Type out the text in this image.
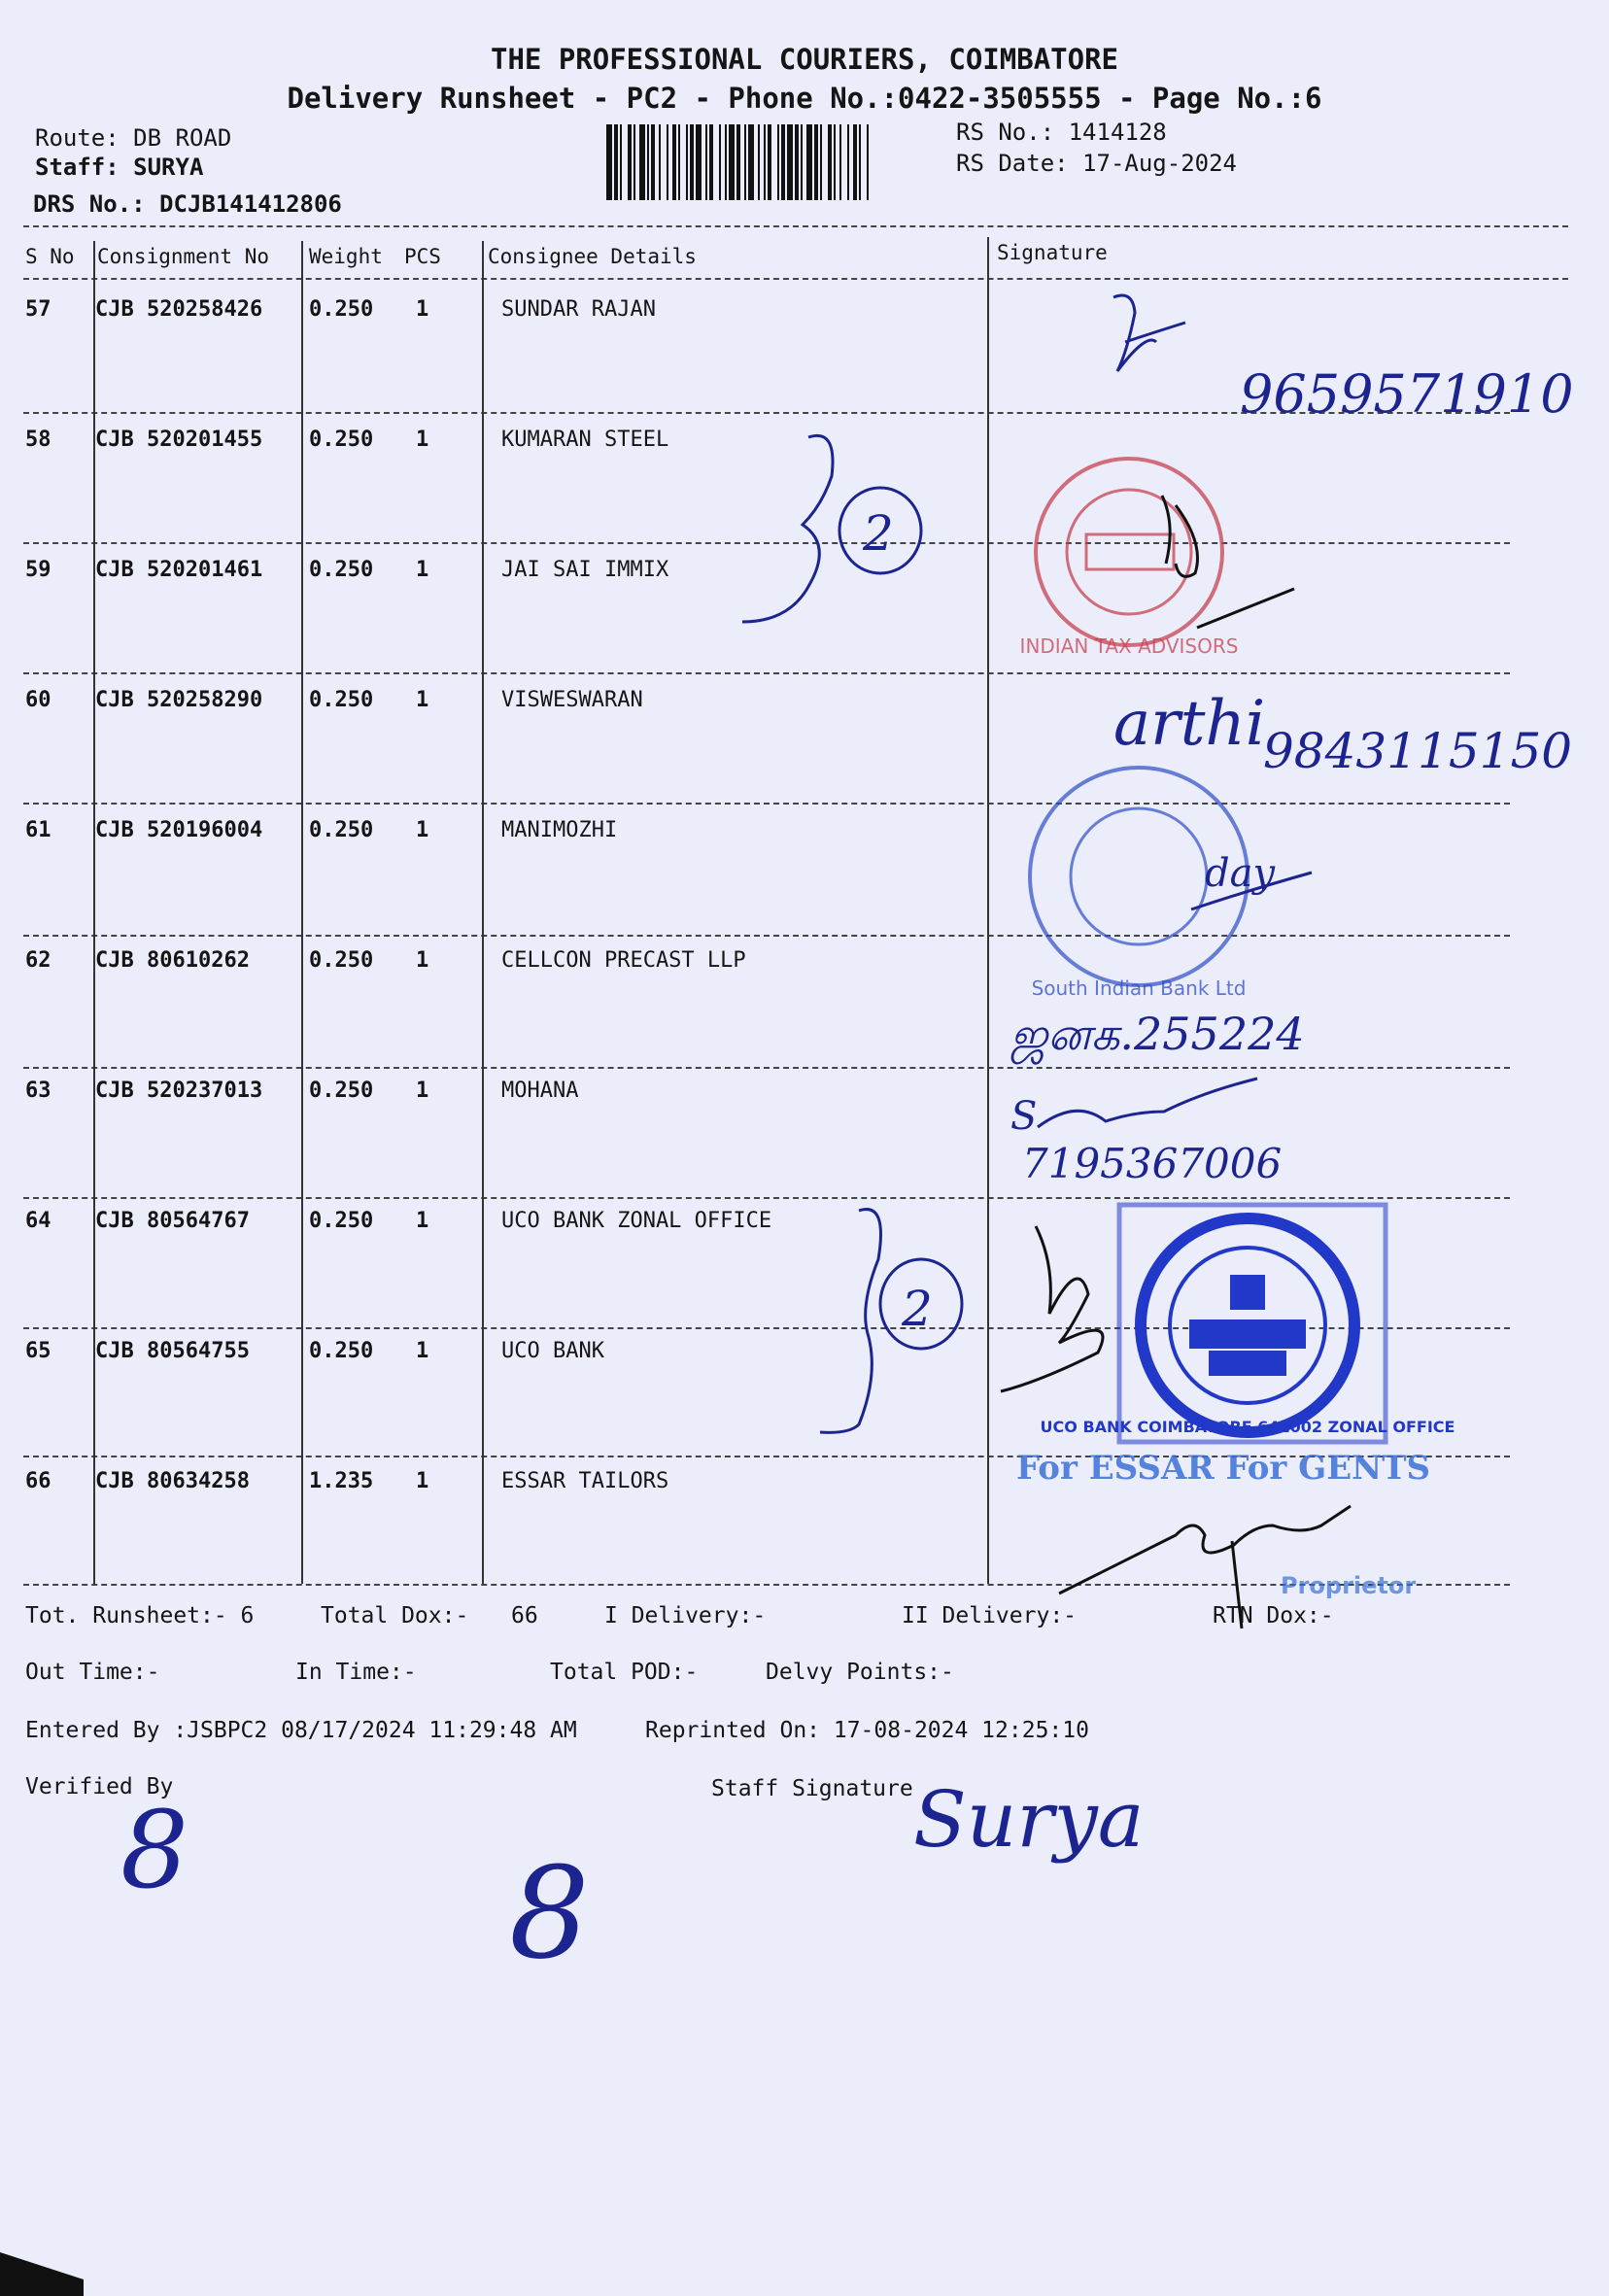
THE PROFESSIONAL COURIERS, COIMBATORE
Delivery Runsheet - PC2 - Phone No.:0422-3505555 - Page No.:6
Route: DB ROAD
Staff: SURYA
DRS No.: DCJB141412806
RS No.: 1414128
RS Date: 17-Aug-2024
S No Consignment No Weight PCS Consignee Details	Signature
57 CJB 520258426 0.250 1	SUNDAR RAJAN
58 CJB 520201455 0.250 1	KUMARAN STEEL
59 CJB 520201461 0.250 1	JAI SAI IMMIX
60 CJB 520258290 0.250 1	VISWESWARAN
61 CJB 520196004 0.250 1	MANIMOZHI
62 CJB 80610262	0.250 1	CELLCON PRECAST LLP
63 CJB 520237013 0.250 1	MOHANA
64 CJB 80564767	0.250 1	UCO BANK ZONAL OFFICE
65 CJB 80564755	0.250 1	UCO BANK
66 CJB 80634258	1.235 1	ESSAR TAILORS
Tot. Runsheet:- 6	Total Dox:- 66	I Delivery:-	II Delivery:-	RTN Dox:-
Out Time:-	In Time:-	Total POD:-	Delvy Points:-
Entered By :JSBPC2 08/17/2024 11:29:48 AM	Reprinted On: 17-08-2024 12:25:10
Verified By	Staff Signature
9659571910
2
INDIAN TAX ADVISORS
arthi
9843115150
South Indian Bank Ltd
day
ஜனக.255224
S
7195367006
2
UCO BANK COIMBATORE 641002 ZONAL OFFICE
For ESSAR For GENTS
Proprietor
8	8
Surya
